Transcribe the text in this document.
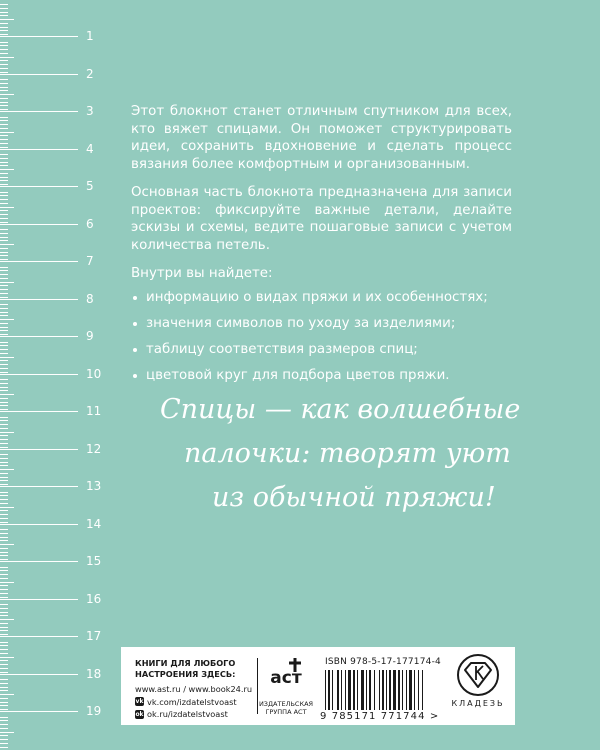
1
2
3
4
5
6
7
8
9
10
11
12
13
14
15
16
17
18
19

Этот блокнот станет отличным спутником для всех, кто вяжет спицами. Он поможет структурировать идеи, сохранить вдохновение и сделать процесс вязания более комфортным и организованным.

Основная часть блокнота предназначена для записи проектов: фиксируйте важные детали, делайте эскизы и схемы, ведите пошаговые записи с учетом количества петель.

Внутри вы найдете:

информацию о видах пряжи и их особенностях;
значения символов по уходу за изделиями;
таблицу соответствия размеров спиц;
цветовой круг для подбора цветов пряжи.
Спицы — как волшебные
палочки: творят уют
из обычной пряжи!
КНИГИ ДЛЯ ЛЮБОГО
НАСТРОЕНИЯ ЗДЕСЬ:
www.ast.ru / www.book24.ru
vk vk.com/izdatelstvoast
ok ok.ru/izdatelstvoast
аст
ИЗДАТЕЛЬСКАЯ
ГРУППА АСТ
ISBN 978-5-17-177174-4
9 785171 771744 >
КЛАДЕЗЬ
